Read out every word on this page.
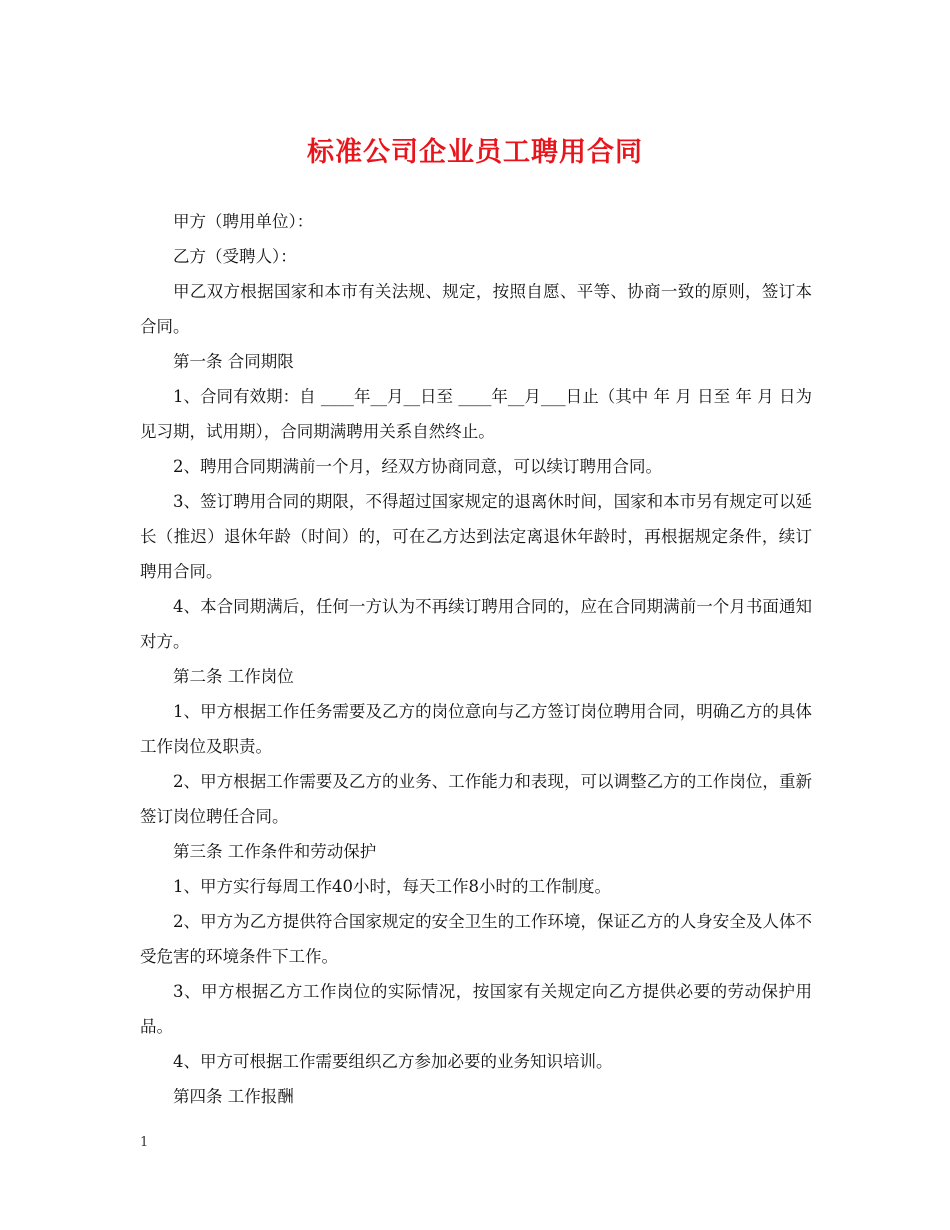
标准公司企业员工聘用合同

甲方（聘用单位）：

乙方（受聘人）：

甲乙双方根据国家和本市有关法规、规定，按照自愿、平等、协商一致的原则，签订本合同。

第一条 合同期限

1、合同有效期：自 ____年__月__日至 ____年__月___日止（其中 年 月 日至 年 月 日为见习期，试用期），合同期满聘用关系自然终止。

2、聘用合同期满前一个月，经双方协商同意，可以续订聘用合同。

3、签订聘用合同的期限，不得超过国家规定的退离休时间，国家和本市另有规定可以延长（推迟）退休年龄（时间）的，可在乙方达到法定离退休年龄时，再根据规定条件，续订聘用合同。

4、本合同期满后，任何一方认为不再续订聘用合同的，应在合同期满前一个月书面通知对方。

第二条 工作岗位

1、甲方根据工作任务需要及乙方的岗位意向与乙方签订岗位聘用合同，明确乙方的具体工作岗位及职责。

2、甲方根据工作需要及乙方的业务、工作能力和表现，可以调整乙方的工作岗位，重新签订岗位聘任合同。

第三条 工作条件和劳动保护

1、甲方实行每周工作40小时，每天工作8小时的工作制度。

2、甲方为乙方提供符合国家规定的安全卫生的工作环境，保证乙方的人身安全及人体不受危害的环境条件下工作。

3、甲方根据乙方工作岗位的实际情况，按国家有关规定向乙方提供必要的劳动保护用品。

4、甲方可根据工作需要组织乙方参加必要的业务知识培训。

第四条 工作报酬

1
